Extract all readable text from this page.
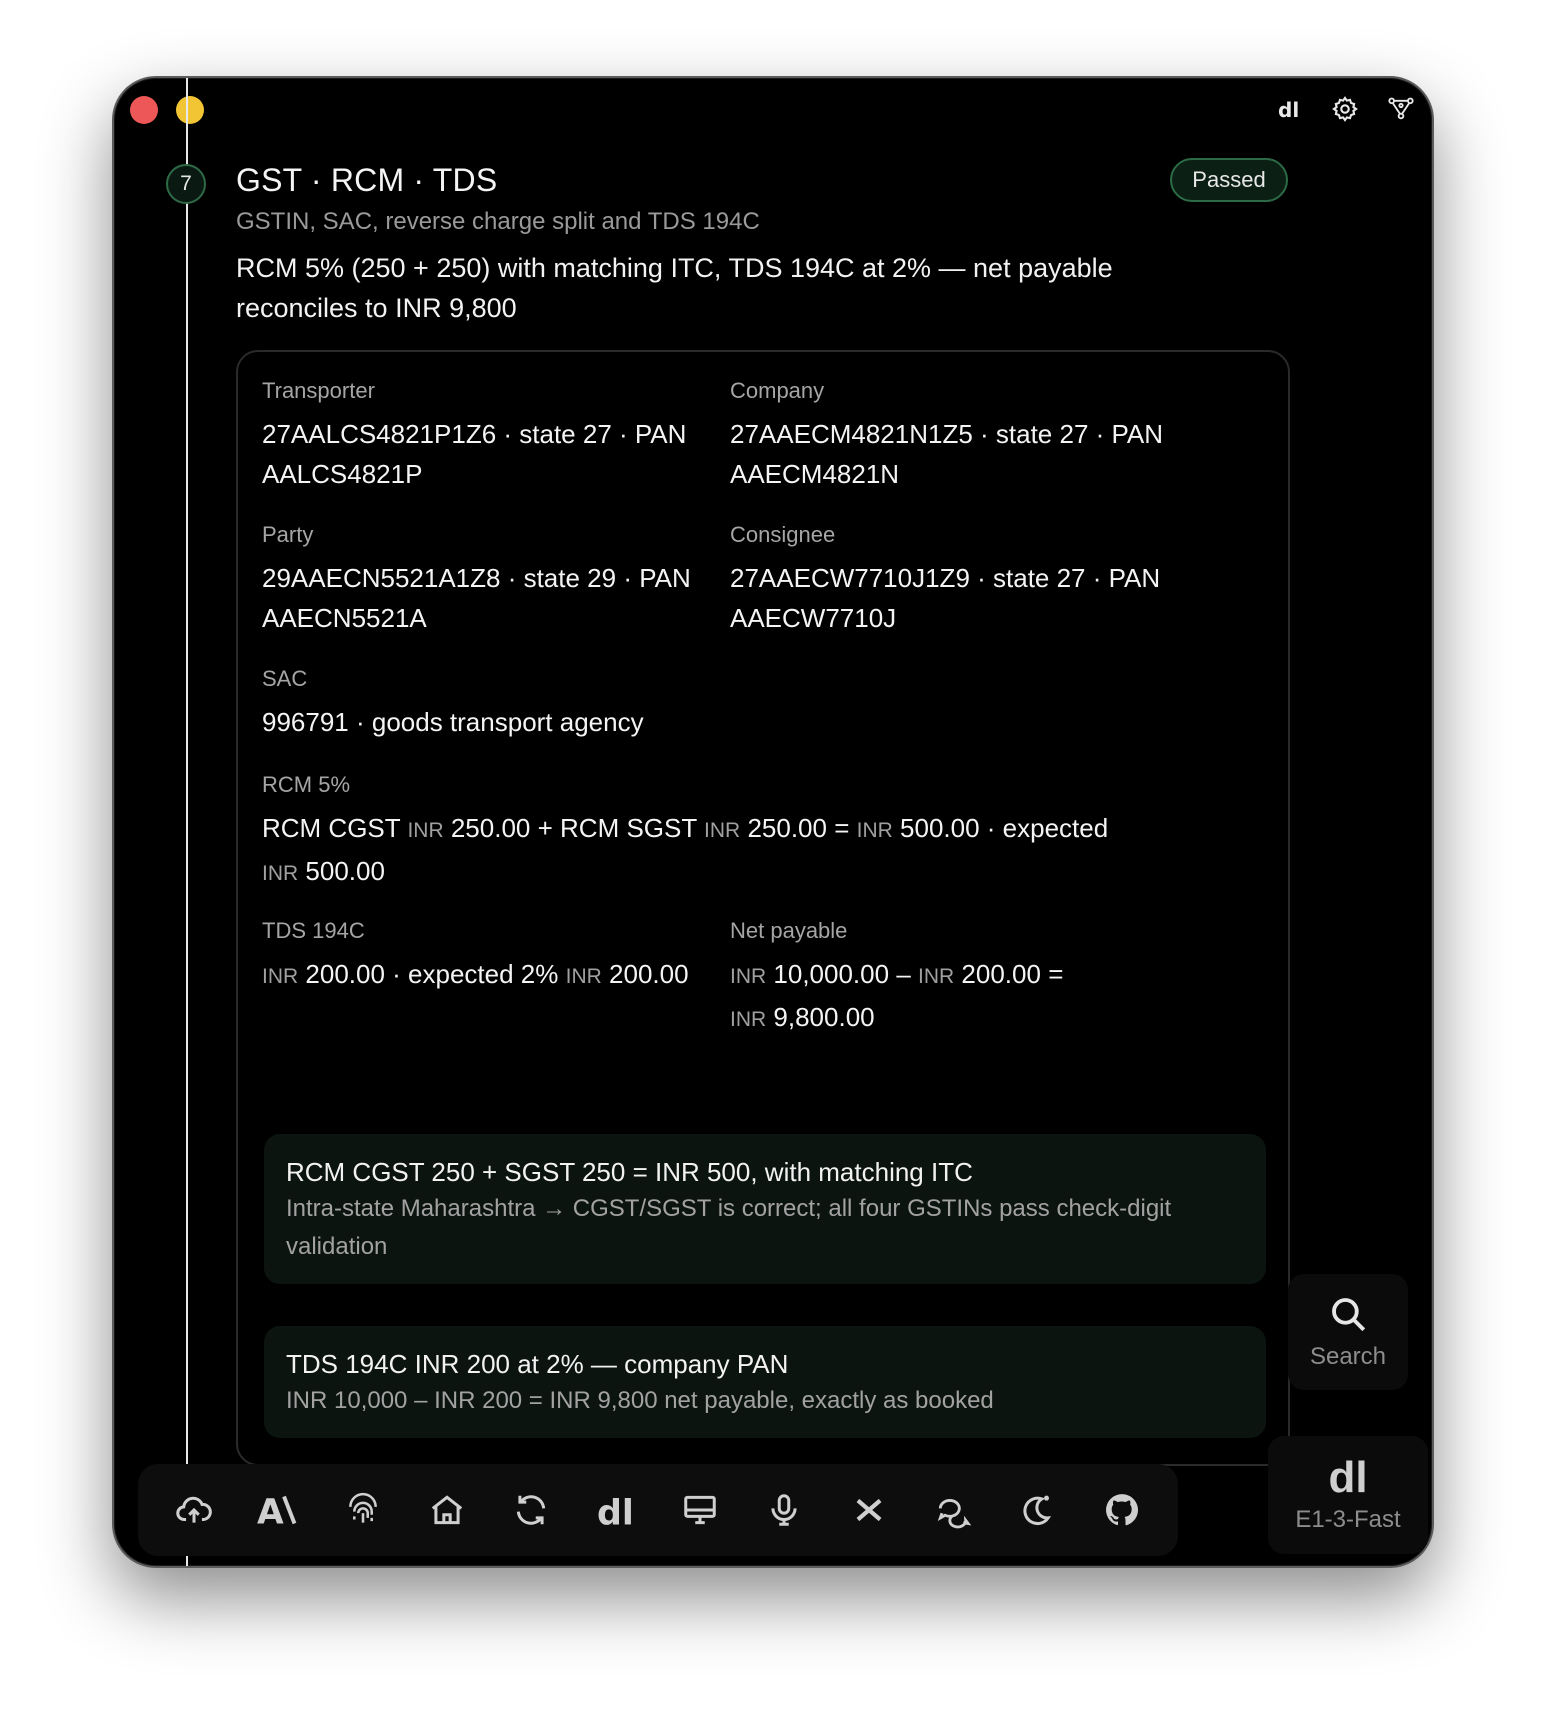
dl
7	GST · RCM · TDS
GSTIN, SAC, reverse charge split and TDS 194C
Passed
RCM 5% (250 + 250) with matching ITC, TDS 194C at 2% — net payable reconciles to INR 9,800
Transporter
27AALCS4821P1Z6 · state 27 · PAN AALCS4821P
Company
27AAECM4821N1Z5 · state 27 · PAN AAECM4821N
Party
29AAECN5521A1Z8 · state 29 · PAN AAECN5521A
Consignee
27AAECW7710J1Z9 · state 27 · PAN AAECW7710J
SAC
996791 · goods transport agency
RCM 5%
RCM CGST INR 250.00 + RCM SGST INR 250.00 = INR 500.00 · expected INR 500.00
TDS 194C
INR 200.00 · expected 2% INR 200.00
Net payable
INR 10,000.00 – INR 200.00 = INR 9,800.00
RCM CGST 250 + SGST 250 = INR 500, with matching ITC
Intra-state Maharashtra → CGST/SGST is correct; all four GSTINs pass check-digit validation
TDS 194C INR 200 at 2% — company PAN
INR 10,000 – INR 200 = INR 9,800 net payable, exactly as booked
Search
dl
E1-3-Fast
A	dl
